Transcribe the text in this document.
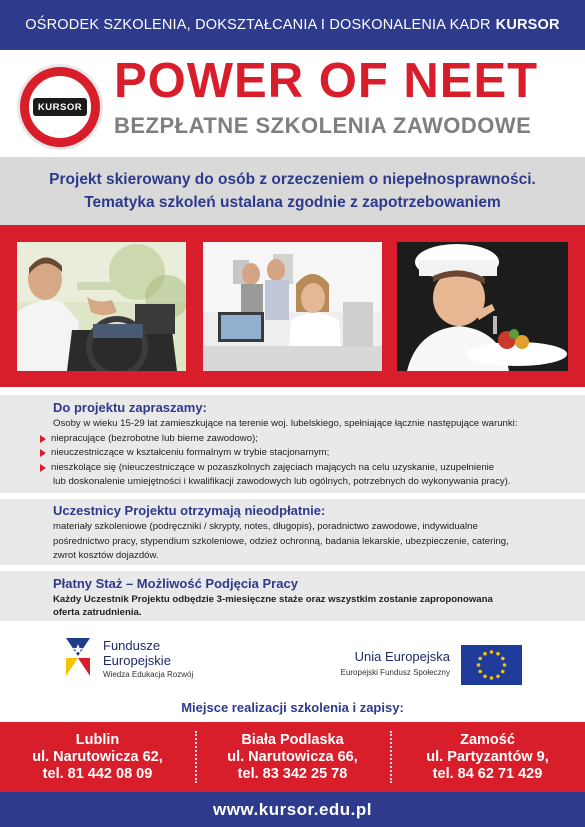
OŚRODEK SZKOLENIA, DOKSZTAŁCANIA I DOSKONALENIA KADR KURSOR
KURSOR POWER OF NEET
BEZPŁATNE SZKOLENIA ZAWODOWE
Projekt skierowany do osób z orzeczeniem o niepełnosprawności.
Tematyka szkoleń ustalana zgodnie z zapotrzebowaniem
Do projektu zapraszamy:
Osoby w wieku 15-29 lat zamieszkujące na terenie woj. lubelskiego, spełniające łącznie następujące warunki:
niepracujące (bezrobotne lub bierne zawodowo);
nieuczestniczące w kształceniu formalnym w trybie stacjonarnym;
nieszkolące się (nieuczestniczące w pozaszkolnych zajęciach mających na celu uzyskanie, uzupełnienie
lub doskonalenie umiejętności i kwalifikacji zawodowych lub ogólnych, potrzebnych do wykonywania pracy).
Uczestnicy Projektu otrzymają nieodpłatnie:
materiały szkoleniowe (podręczniki / skrypty, notes, długopis), poradnictwo zawodowe, indywidualne
pośrednictwo pracy, stypendium szkoleniowe, odzież ochronną, badania lekarskie, ubezpieczenie, catering,
zwrot kosztów dojazdów.
Płatny Staż – Możliwość Podjęcia Pracy
Każdy Uczestnik Projektu odbędzie 3-miesięczne staże oraz wszystkim zostanie zaproponowana
oferta zatrudnienia.
Fundusze
Europejskie
Wiedza Edukacja Rozwój
Unia Europejska
Europejski Fundusz Społeczny
Miejsce realizacji szkolenia i zapisy:
Lublin
ul. Narutowicza 62,
tel. 81 442 08 09
Biała Podlaska
ul. Narutowicza 66,
tel. 83 342 25 78
Zamość
ul. Partyzantów 9,
tel. 84 62 71 429
www.kursor.edu.pl
